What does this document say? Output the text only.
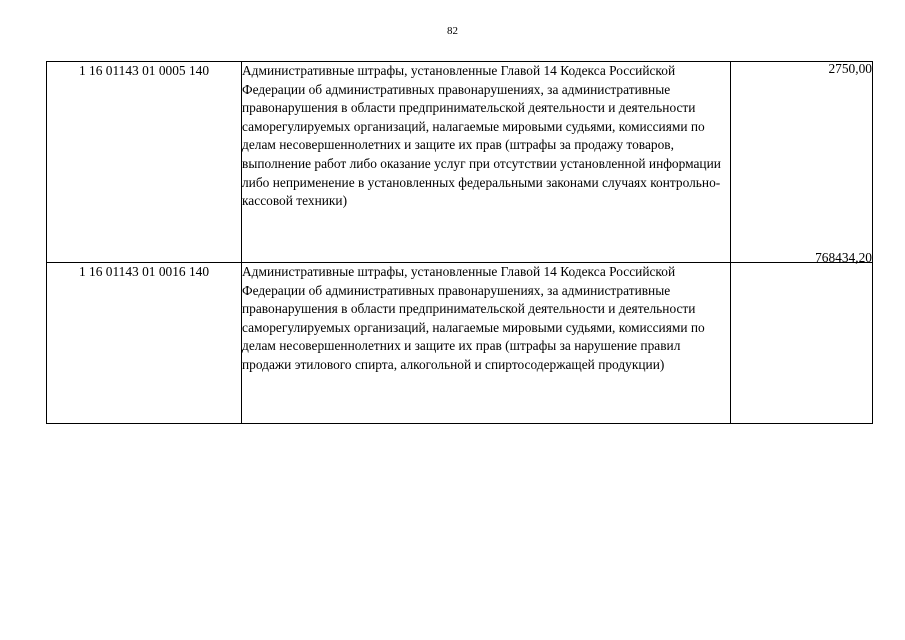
82
1 16 01143 01 0005 140	Административные штрафы, установленные Главой 14 Кодекса Российской Федерации об административных правонарушениях, за административные правонарушения в области предпринимательской деятельности и деятельности саморегулируемых организаций, налагаемые мировыми судьями, комиссиями по делам несовершеннолетних и защите их прав (штрафы за продажу товаров, выполнение работ либо оказание услуг при отсутствии установленной информации либо неприменение в установленных федеральными законами случаях контрольно-кассовой техники)	2750,00
1 16 01143 01 0016 140	Административные штрафы, установленные Главой 14 Кодекса Российской Федерации об административных правонарушениях, за административные правонарушения в области предпринимательской деятельности и деятельности саморегулируемых организаций, налагаемые мировыми судьями, комиссиями по делам несовершеннолетних и защите их прав (штрафы за нарушение правил продажи этилового спирта, алкогольной и спиртосодержащей продукции)	768434,20
